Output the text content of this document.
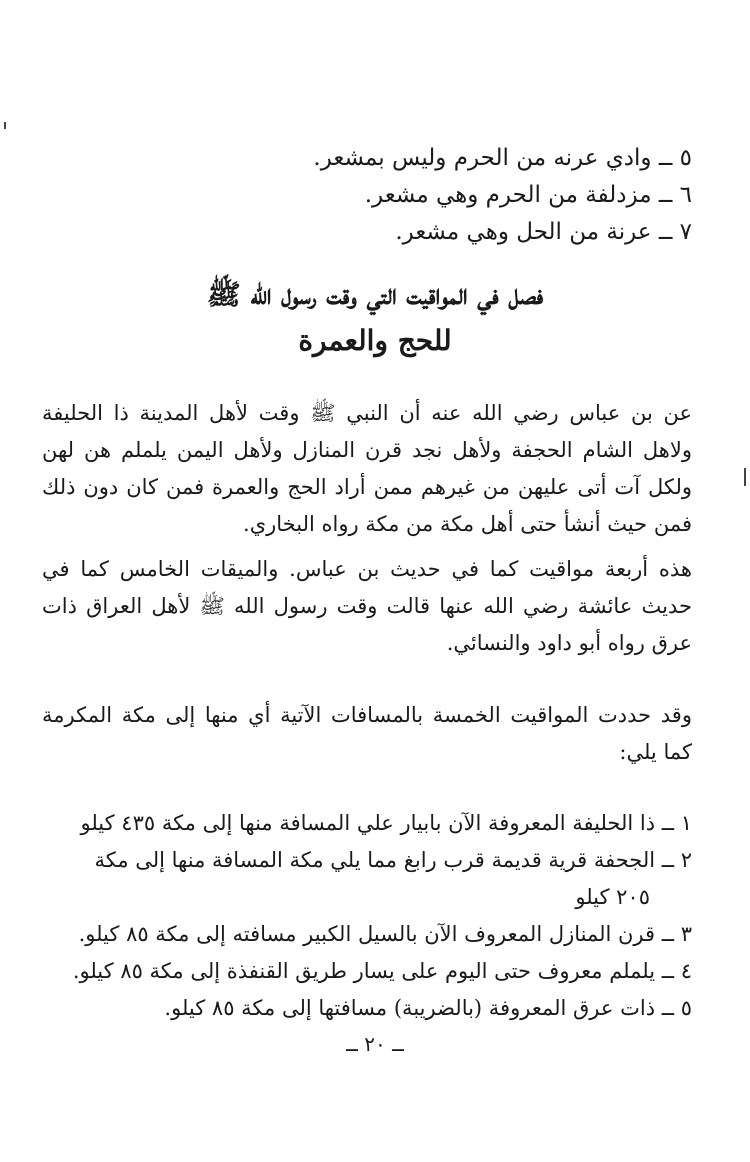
٥ ــ وادي عرنه من الحرم وليس بمشعر.
٦ ــ مزدلفة من الحرم وهي مشعر.
٧ ــ عرنة من الحل وهي مشعر.
فصل في المواقيت التي وقت رسول الله ﷺ
للحج والعمرة
عن بن عباس رضي الله عنه أن النبي ﷺ وقت لأهل المدينة ذا الحليفة ولاهل الشام الحجفة ولأهل نجد قرن المنازل ولأهل اليمن يلملم هن لهن ولكل آت أتى عليهن من غيرهم ممن أراد الحج والعمرة فمن كان دون ذلك فمن حيث أنشأ حتى أهل مكة من مكة رواه البخاري.
هذه أربعة مواقيت كما في حديث بن عباس. والميقات الخامس كما في حديث عائشة رضي الله عنها قالت وقت رسول الله ﷺ لأهل العراق ذات عرق رواه أبو داود والنسائي.
وقد حددت المواقيت الخمسة بالمسافات الآتية أي منها إلى مكة المكرمة كما يلي:
١ ــ ذا الحليفة المعروفة الآن بابيار علي المسافة منها إلى مكة ٤٣٥ كيلو
٢ ــ الجحفة قرية قديمة قرب رابغ مما يلي مكة المسافة منها إلى مكة
٢٠٥ كيلو
٣ ــ قرن المنازل المعروف الآن بالسيل الكبير مسافته إلى مكة ٨٥ كيلو.
٤ ــ يلملم معروف حتى اليوم على يسار طريق القنفذة إلى مكة ٨٥ كيلو.
٥ ــ ذات عرق المعروفة (بالضريبة) مسافتها إلى مكة ٨٥ كيلو.
ــ ٢٠ ــ
